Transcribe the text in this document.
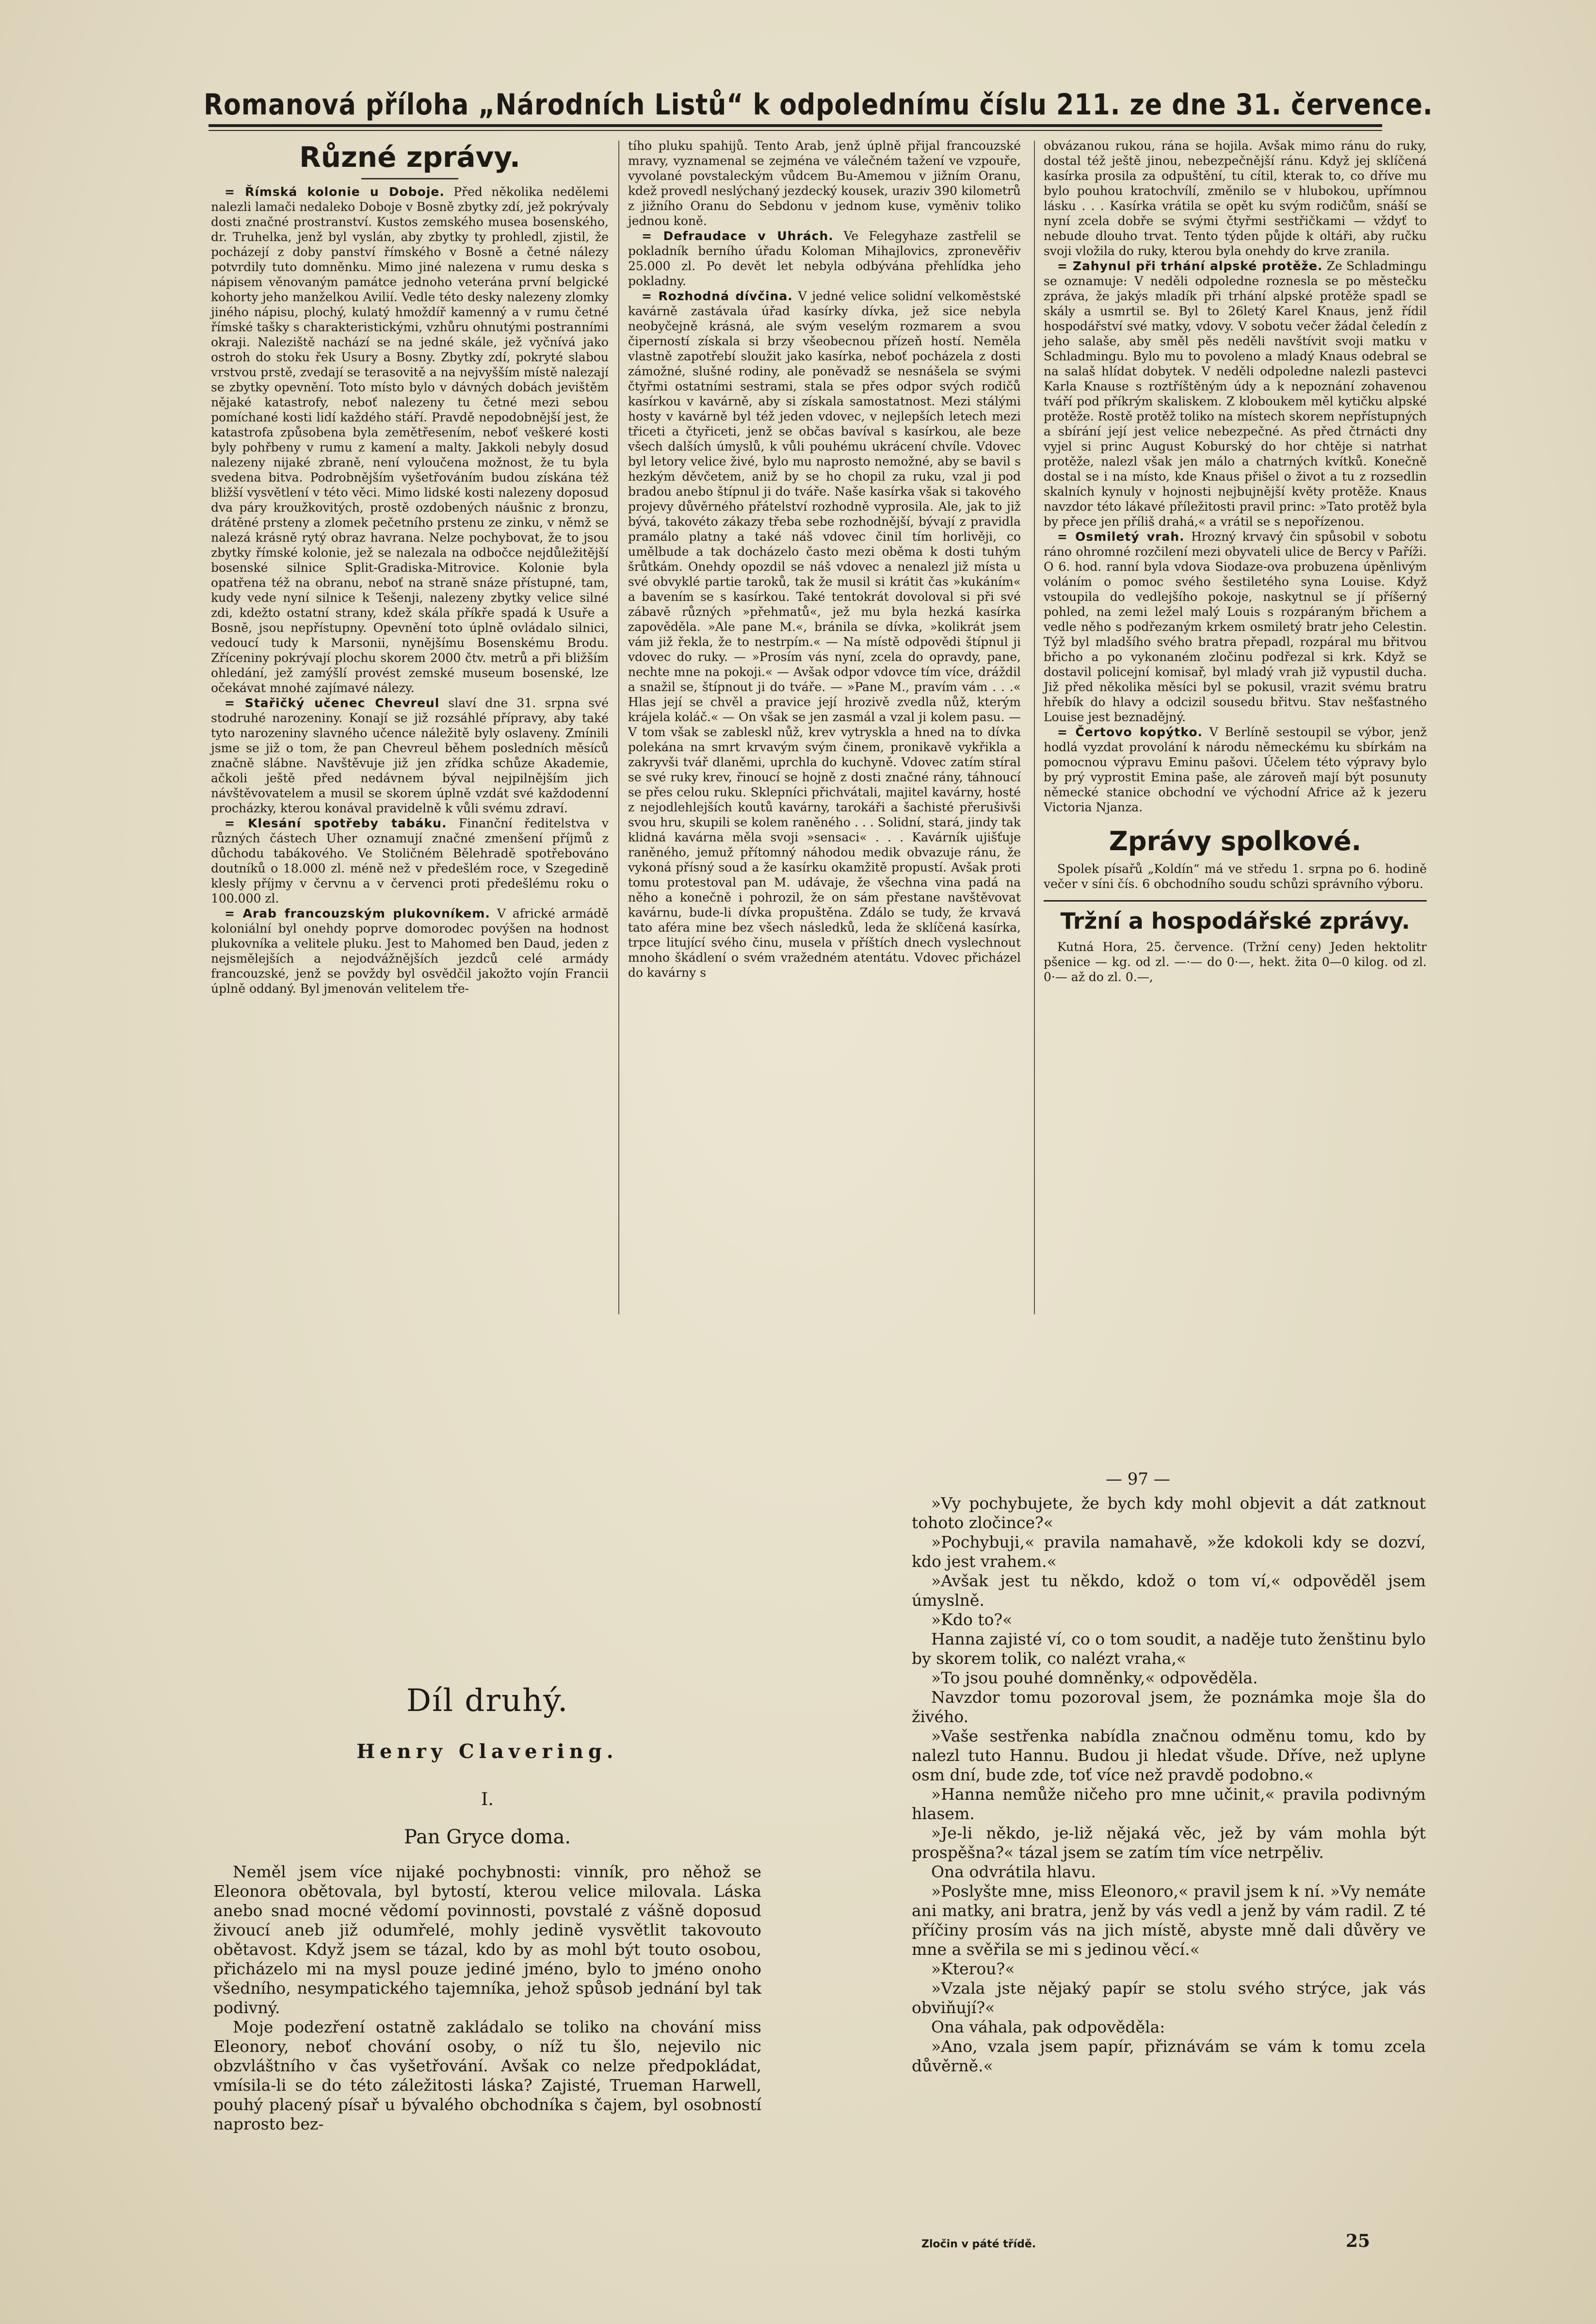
Romanová příloha „Národních Listů“ k odpolednímu číslu 211. ze dne 31. července.
Různé zprávy.

= Římská kolonie u Doboje. Před několika nedělemi nalezli lamači nedaleko Doboje v Bosně zbytky zdí, jež pokrývaly dosti značné prostranství. Kustos zemského musea bosenského, dr. Truhelka, jenž byl vyslán, aby zbytky ty prohledl, zjistil, že pocházejí z doby panství římského v Bosně a četné nálezy potvrdily tuto domněnku. Mimo jiné nalezena v rumu deska s nápisem věnovaným památce jednoho veterána první belgické kohorty jeho manželkou Avilií. Vedle této desky nalezeny zlomky jiného nápisu, plochý, kulatý hmoždíř kamenný a v rumu četné římské tašky s charakteristickými, vzhůru ohnutými postranními okraji. Naleziště nachází se na jedné skále, jež vyčnívá jako ostroh do stoku řek Usury a Bosny. Zbytky zdí, pokryté slabou vrstvou prstě, zvedají se terasovitě a na nejvyšším místě nalezají se zbytky opevnění. Toto místo bylo v dávných dobách jevištěm nějaké katastrofy, neboť nalezeny tu četné mezi sebou pomíchané kosti lidí každého stáří. Pravdě nepodobnější jest, že katastrofa způsobena byla zemětřesením, neboť veškeré kosti byly pohřbeny v rumu z kamení a malty. Jakkoli nebyly dosud nalezeny nijaké zbraně, není vyloučena možnost, že tu byla svedena bitva. Podrobnějším vyšetřováním budou získána též bližší vysvětlení v této věci. Mimo lidské kosti nalezeny doposud dva páry kroužkovitých, prostě ozdobených náušnic z bronzu, drátěné prsteny a zlomek pečetního prstenu ze zinku, v němž se nalezá krásně rytý obraz havrana. Nelze pochybovat, že to jsou zbytky římské kolonie, jež se nalezala na odbočce nejdůležitější bosenské silnice Split-Gradiska-Mitrovice. Kolonie byla opatřena též na obranu, neboť na straně snáze přístupné, tam, kudy vede nyní silnice k Tešenji, nalezeny zbytky velice silné zdi, kdežto ostatní strany, kdež skála příkře spadá k Usuře a Bosně, jsou nepřístupny. Opevnění toto úplně ovládalo silnici, vedoucí tudy k Marsonii, nynějšímu Bosenskému Brodu. Zříceniny pokrývají plochu skorem 2000 čtv. metrů a při bližším ohledání, jež zamýšlí provést zemské museum bosenské, lze očekávat mnohé zajímavé nálezy.

= Stařičký učenec Chevreul slaví dne 31. srpna své stodruhé narozeniny. Konají se již rozsáhlé přípravy, aby také tyto narozeniny slavného učence náležitě byly oslaveny. Zmínili jsme se již o tom, že pan Chevreul během posledních měsíců značně slábne. Navštěvuje již jen zřídka schůze Akademie, ačkoli ještě před nedávnem býval nejpilnějším jich návštěvovatelem a musil se skorem úplně vzdát své každodenní procházky, kterou konával pravidelně k vůli svému zdraví.

= Klesání spotřeby tabáku. Finanční ředitelstva v různých částech Uher oznamují značné zmenšení příjmů z důchodu tabákového. Ve Stoličném Bělehradě spotřebováno doutníků o 18.000 zl. méně než v předešlém roce, v Szegedině klesly příjmy v červnu a v červenci proti předešlému roku o 100.000 zl.

= Arab francouzským plukovníkem. V africké armádě koloniální byl onehdy poprve domorodec povýšen na hodnost plukovníka a velitele pluku. Jest to Mahomed ben Daud, jeden z nejsmělejších a nejodvážnějších jezdců celé armády francouzské, jenž se povždy byl osvědčil jakožto vojín Francii úplně oddaný. Byl jmenován velitelem tře-

tího pluku spahijů. Tento Arab, jenž úplně přijal francouzské mravy, vyznamenal se zejména ve válečném tažení ve vzpouře, vyvolané povstaleckým vůdcem Bu-Amemou v jižním Oranu, kdež provedl neslýchaný jezdecký kousek, uraziv 390 kilometrů z jižního Oranu do Sebdonu v jednom kuse, vyměniv toliko jednou koně.

= Defraudace v Uhrách. Ve Felegyhaze zastřelil se pokladník berního úřadu Koloman Mihajlovics, zpronevěřiv 25.000 zl. Po devět let nebyla odbývána přehlídka jeho pokladny.

= Rozhodná dívčina. V jedné velice solidní velkoměstské kavárně zastávala úřad kasírky dívka, jež sice nebyla neobyčejně krásná, ale svým veselým rozmarem a svou čiperností získala si brzy všeobecnou přízeň hostí. Neměla vlastně zapotřebí sloužit jako kasírka, neboť pocházela z dosti zámožné, slušné rodiny, ale poněvadž se nesnášela se svými čtyřmi ostatními sestrami, stala se přes odpor svých rodičů kasírkou v kavárně, aby si získala samostatnost. Mezi stálými hosty v kavárně byl též jeden vdovec, v nejlepších letech mezi třiceti a čtyřiceti, jenž se občas bavíval s kasírkou, ale beze všech dalších úmyslů, k vůli pouhému ukrácení chvíle. Vdovec byl letory velice živé, bylo mu naprosto nemožné, aby se bavil s hezkým děvčetem, aniž by se ho chopil za ruku, vzal ji pod bradou anebo štípnul ji do tváře. Naše kasírka však si takového projevy důvěrného přátelství rozhodně vyprosila. Ale, jak to již bývá, takovéto zákazy třeba sebe rozhodnější, bývají z pravidla pramálo platny a také náš vdovec činil tím horlivěji, co umělbude a tak docházelo často mezi oběma k dosti tuhým šrůtkám. Onehdy opozdil se náš vdovec a nenalezl již místa u své obvyklé partie taroků, tak že musil si krátit čas »kukáním« a bavením se s kasírkou. Také tentokrát dovoloval si při své zábavě různých »přehmatů«, jež mu byla hezká kasírka zapověděla. »Ale pane M.«, bránila se dívka, »kolikrát jsem vám již řekla, že to nestrpím.« — Na místě odpovědi štípnul ji vdovec do ruky. — »Prosím vás nyní, zcela do opravdy, pane, nechte mne na pokoji.« — Avšak odpor vdovce tím více, dráždil a snažil se, štípnout ji do tváře. — »Pane M., pravím vám . . .« Hlas její se chvěl a pravice její hrozivě zvedla nůž, kterým krájela koláč.« — On však se jen zasmál a vzal ji kolem pasu. — V tom však se zableskl nůž, krev vytryskla a hned na to dívka polekána na smrt krvavým svým činem, pronikavě vykřikla a zakryvši tvář dlaněmi, uprchla do kuchyně. Vdovec zatím stíral se své ruky krev, řinoucí se hojně z dosti značné rány, táhnoucí se přes celou ruku. Sklepníci přichvátali, majitel kavárny, hosté z nejodlehlejších koutů kavárny, tarokáři a šachisté přerušivši svou hru, skupili se kolem raněného . . . Solidní, stará, jindy tak klidná kavárna měla svoji »sensaci« . . . Kavárník ujišťuje raněného, jemuž přítomný náhodou medik obvazuje ránu, že vykoná přísný soud a že kasírku okamžitě propustí. Avšak proti tomu protestoval pan M. udávaje, že všechna vina padá na něho a konečně i pohrozil, že on sám přestane navštěvovat kavárnu, bude-li dívka propuštěna. Zdálo se tudy, že krvavá tato aféra mine bez všech následků, leda že sklíčená kasírka, trpce litující svého činu, musela v příštích dnech vyslechnout mnoho škádlení o svém vražedném atentátu. Vdovec přicházel do kavárny s

obvázanou rukou, rána se hojila. Avšak mimo ránu do ruky, dostal též ještě jinou, nebezpečnější ránu. Když jej sklíčená kasírka prosila za odpuštění, tu cítil, kterak to, co dříve mu bylo pouhou kratochvílí, změnilo se v hlubokou, upřímnou lásku . . . Kasírka vrátila se opět ku svým rodičům, snáší se nyní zcela dobře se svými čtyřmi sestřičkami — vždyť to nebude dlouho trvat. Tento týden půjde k oltáři, aby ručku svoji vložila do ruky, kterou byla onehdy do krve zranila.

= Zahynul při trhání alpské protěže. Ze Schladmingu se oznamuje: V neděli odpoledne roznesla se po městečku zpráva, že jakýs mladík při trhání alpské protěže spadl se skály a usmrtil se. Byl to 26letý Karel Knaus, jenž řídil hospodářství své matky, vdovy. V sobotu večer žádal čeledín z jeho salaše, aby směl pěs neděli navštívit svoji matku v Schladmingu. Bylo mu to povoleno a mladý Knaus odebral se na salaš hlídat dobytek. V neděli odpoledne nalezli pastevci Karla Knause s roztříštěným údy a k nepoznání zohavenou tváří pod příkrým skaliskem. Z kloboukem měl kytičku alpské protěže. Rostě protěž toliko na místech skorem nepřístupných a sbírání její jest velice nebezpečné. As před čtrnácti dny vyjel si princ August Koburský do hor chtěje si natrhat protěže, nalezl však jen málo a chatrných kvítků. Konečně dostal se i na místo, kde Knaus přišel o život a tu z rozsedlin skalních kynuly v hojnosti nejbujnější květy protěže. Knaus navzdor této lákavé příležitosti pravil princ: »Tato protěž byla by přece jen příliš drahá,« a vrátil se s nepořízenou.

= Osmiletý vrah. Hrozný krvavý čin spůsobil v sobotu ráno ohromné rozčilení mezi obyvateli ulice de Bercy v Paříži. O 6. hod. ranní byla vdova Siodaze-ova probuzena úpěnlivým voláním o pomoc svého šestiletého syna Louise. Když vstoupila do vedlejšího pokoje, naskytnul se jí příšerný pohled, na zemi ležel malý Louis s rozpáraným břichem a vedle něho s podřezaným krkem osmiletý bratr jeho Celestin. Týž byl mladšího svého bratra přepadl, rozpáral mu břitvou břicho a po vykonaném zločinu podřezal si krk. Když se dostavil policejní komisař, byl mladý vrah již vypustil ducha. Již před několika měsíci byl se pokusil, vrazit svému bratru hřebík do hlavy a odcizil sousedu břitvu. Stav nešťastného Louise jest beznadějný.

= Čertovo kopýtko. V Berlíně sestoupil se výbor, jenž hodlá vyzdat provolání k národu německému ku sbírkám na pomocnou výpravu Eminu pašovi. Účelem této výpravy bylo by prý vyprostit Emina paše, ale zároveň mají být posunuty německé stanice obchodní ve východní Africe až k jezeru Victoria Njanza.

Zprávy spolkové.

Spolek písařů „Koldín“ má ve středu 1. srpna po 6. hodině večer v síni čís. 6 obchodního soudu schůzi správního výboru.

Tržní a hospodářské zprávy.

Kutná Hora, 25. července. (Tržní ceny) Jeden hektolitr pšenice — kg. od zl. —·— do 0·—, hekt. žita 0—0 kilog. od zl. 0·— až do zl. 0.—,

— 97 —
Díl druhý.
Henry Clavering.
I.
Pan Gryce doma.

Neměl jsem více nijaké pochybnosti: vinník, pro něhož se Eleonora obětovala, byl bytostí, kterou velice milovala. Láska anebo snad mocné vědomí povinnosti, povstalé z vášně doposud živoucí aneb již odumřelé, mohly jedině vysvětlit takovouto obětavost. Když jsem se tázal, kdo by as mohl být touto osobou, přicházelo mi na mysl pouze jediné jméno, bylo to jméno onoho všedního, nesympatického tajemníka, jehož spůsob jednání byl tak podivný.

Moje podezření ostatně zakládalo se toliko na chování miss Eleonory, neboť chování osoby, o níž tu šlo, nejevilo nic obzvláštního v čas vyšetřování. Avšak co nelze předpokládat, vmísila-li se do této záležitosti láska? Zajisté, Trueman Harwell, pouhý placený písař u bývalého obchodníka s čajem, byl osobností naprosto bez-

»Vy pochybujete, že bych kdy mohl objevit a dát zatknout tohoto zločince?«

»Pochybuji,« pravila namahavě, »že kdokoli kdy se dozví, kdo jest vrahem.«

»Avšak jest tu někdo, kdož o tom ví,« odpověděl jsem úmyslně.

»Kdo to?«

Hanna zajisté ví, co o tom soudit, a naděje tuto ženštinu bylo by skorem tolik, co nalézt vraha,«

»To jsou pouhé domněnky,« odpověděla.

Navzdor tomu pozoroval jsem, že poznámka moje šla do živého.

»Vaše sestřenka nabídla značnou odměnu tomu, kdo by nalezl tuto Hannu. Budou ji hledat všude. Dříve, než uplyne osm dní, bude zde, toť více než pravdě podobno.«

»Hanna nemůže ničeho pro mne učinit,« pravila podivným hlasem.

»Je-li někdo, je-liž nějaká věc, jež by vám mohla být prospěšna?« tázal jsem se zatím tím více netrpěliv.

Ona odvrátila hlavu.

»Poslyšte mne, miss Eleonoro,« pravil jsem k ní. »Vy nemáte ani matky, ani bratra, jenž by vás vedl a jenž by vám radil. Z té příčiny prosím vás na jich místě, abyste mně dali důvěry ve mne a svěřila se mi s jedinou věcí.«

»Kterou?«

»Vzala jste nějaký papír se stolu svého strýce, jak vás obviňují?«

Ona váhala, pak odpověděla:

»Ano, vzala jsem papír, přiznávám se vám k tomu zcela důvěrně.«

Zločin v páté třídě.	25
